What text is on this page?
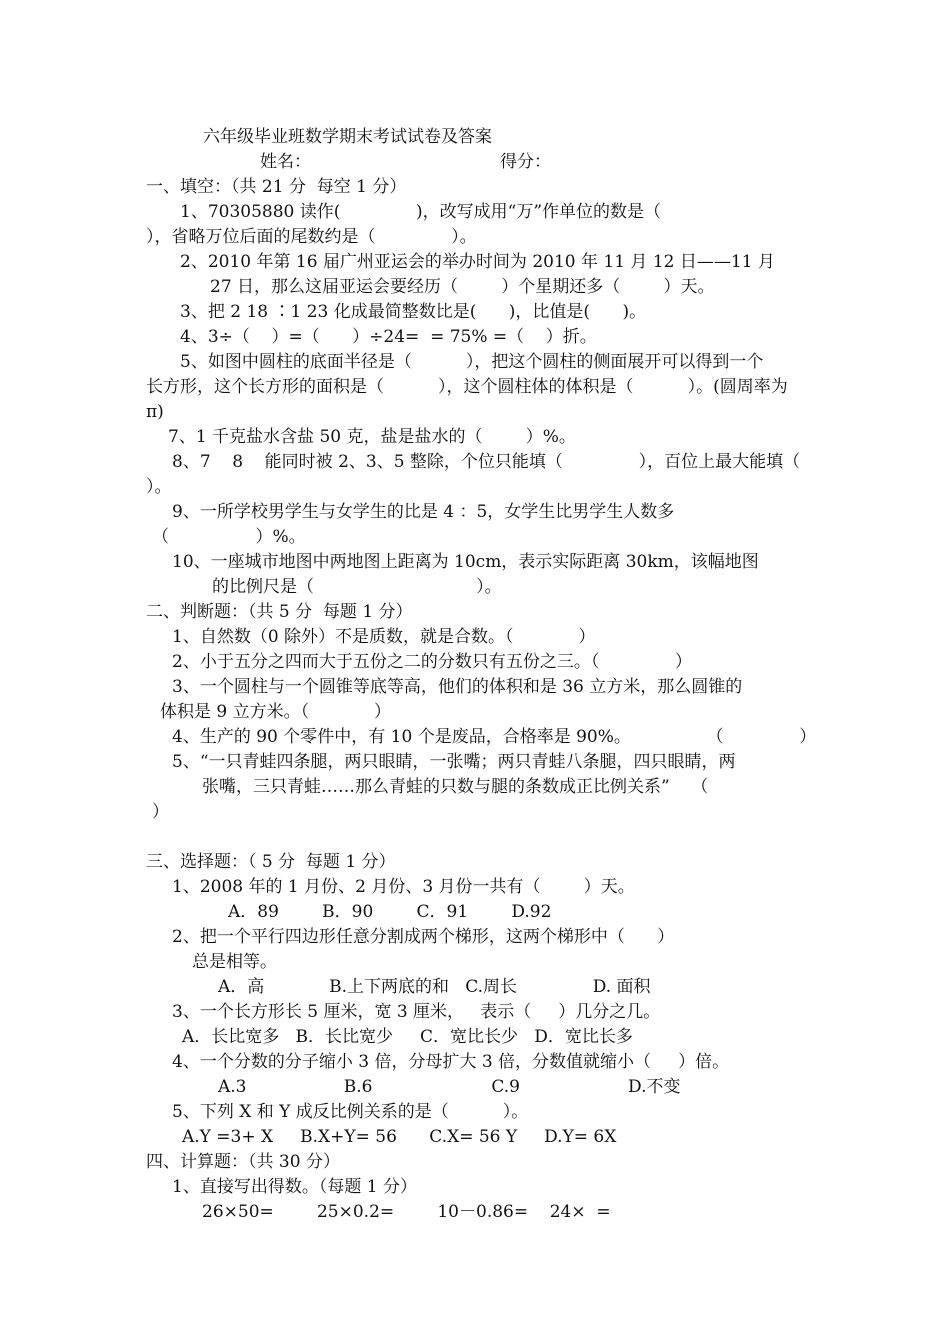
六年级毕业班数学期末考试试卷及答案
姓名：	得分：
一、填空：（共 21 分  每空 1 分）
1、70305880 读作(              )，改写成用“万”作单位的数是（
），省略万位后面的尾数约是（              ）。
2、2010 年第 16 届广州亚运会的举办时间为 2010 年 11 月 12 日——11 月
27 日，那么这届亚运会要经历（        ）个星期还多（        ）天。
3、把 2 18 ∶1 23 化成最简整数比是(      )，比值是(      )。
4、3÷（    ）=（      ）÷24=  = 75% =（    ）折。
5、如图中圆柱的底面半径是（          ），把这个圆柱的侧面展开可以得到一个
长方形，这个长方形的面积是（          ），这个圆柱体的体积是（          ）。(圆周率为
π)
7、1 千克盐水含盐 50 克，盐是盐水的（        ）%。
8、7    8    能同时被 2、3、5 整除，个位只能填（              ），百位上最大能填（
）。
9、一所学校男学生与女学生的比是 4 ：5，女学生比男学生人数多
（                ）%。
10、一座城市地图中两地图上距离为 10cm，表示实际距离 30km，该幅地图
的比例尺是（                              ）。
二、判断题：（共 5 分  每题 1 分）
1、自然数（0 除外）不是质数，就是合数。（            ）
2、小于五分之四而大于五份之二的分数只有五份之三。（              ）
3、一个圆柱与一个圆锥等底等高，他们的体积和是 36 立方米，那么圆锥的
体积是 9 立方米。（            ）
4、生产的 90 个零件中，有 10 个是废品，合格率是 90%。              （              ）
5、“一只青蛙四条腿，两只眼睛，一张嘴；两只青蛙八条腿，四只眼睛，两
张嘴，三只青蛙……那么青蛙的只数与腿的条数成正比例关系”    （
）
三、选择题：（ 5 分  每题 1 分）
1、2008 年的 1 月份、2 月份、3 月份一共有（        ）天。
A．89        B．90        C．91        D.92
2、把一个平行四边形任意分割成两个梯形，这两个梯形中（      ）
总是相等。
A．高            B.上下两底的和   C.周长              D. 面积
3、一个长方形长 5 厘米，宽 3 厘米，   表示（     ）几分之几。
A．长比宽多   B．长比宽少     C．宽比长少   D．宽比长多
4、一个分数的分子缩小 3 倍，分母扩大 3 倍，分数值就缩小（     ）倍。
A.3                  B.6                      C.9                    D.不变
5、下列 X 和 Y 成反比例关系的是（          ）。
A.Y =3+ X     B.X+Y= 56      C.X= 56 Y     D.Y= 6X
四、计算题：（共 30 分）
1、直接写出得数。（每题 1 分）
26×50=        25×0.2=        10－0.86=    24×  =
